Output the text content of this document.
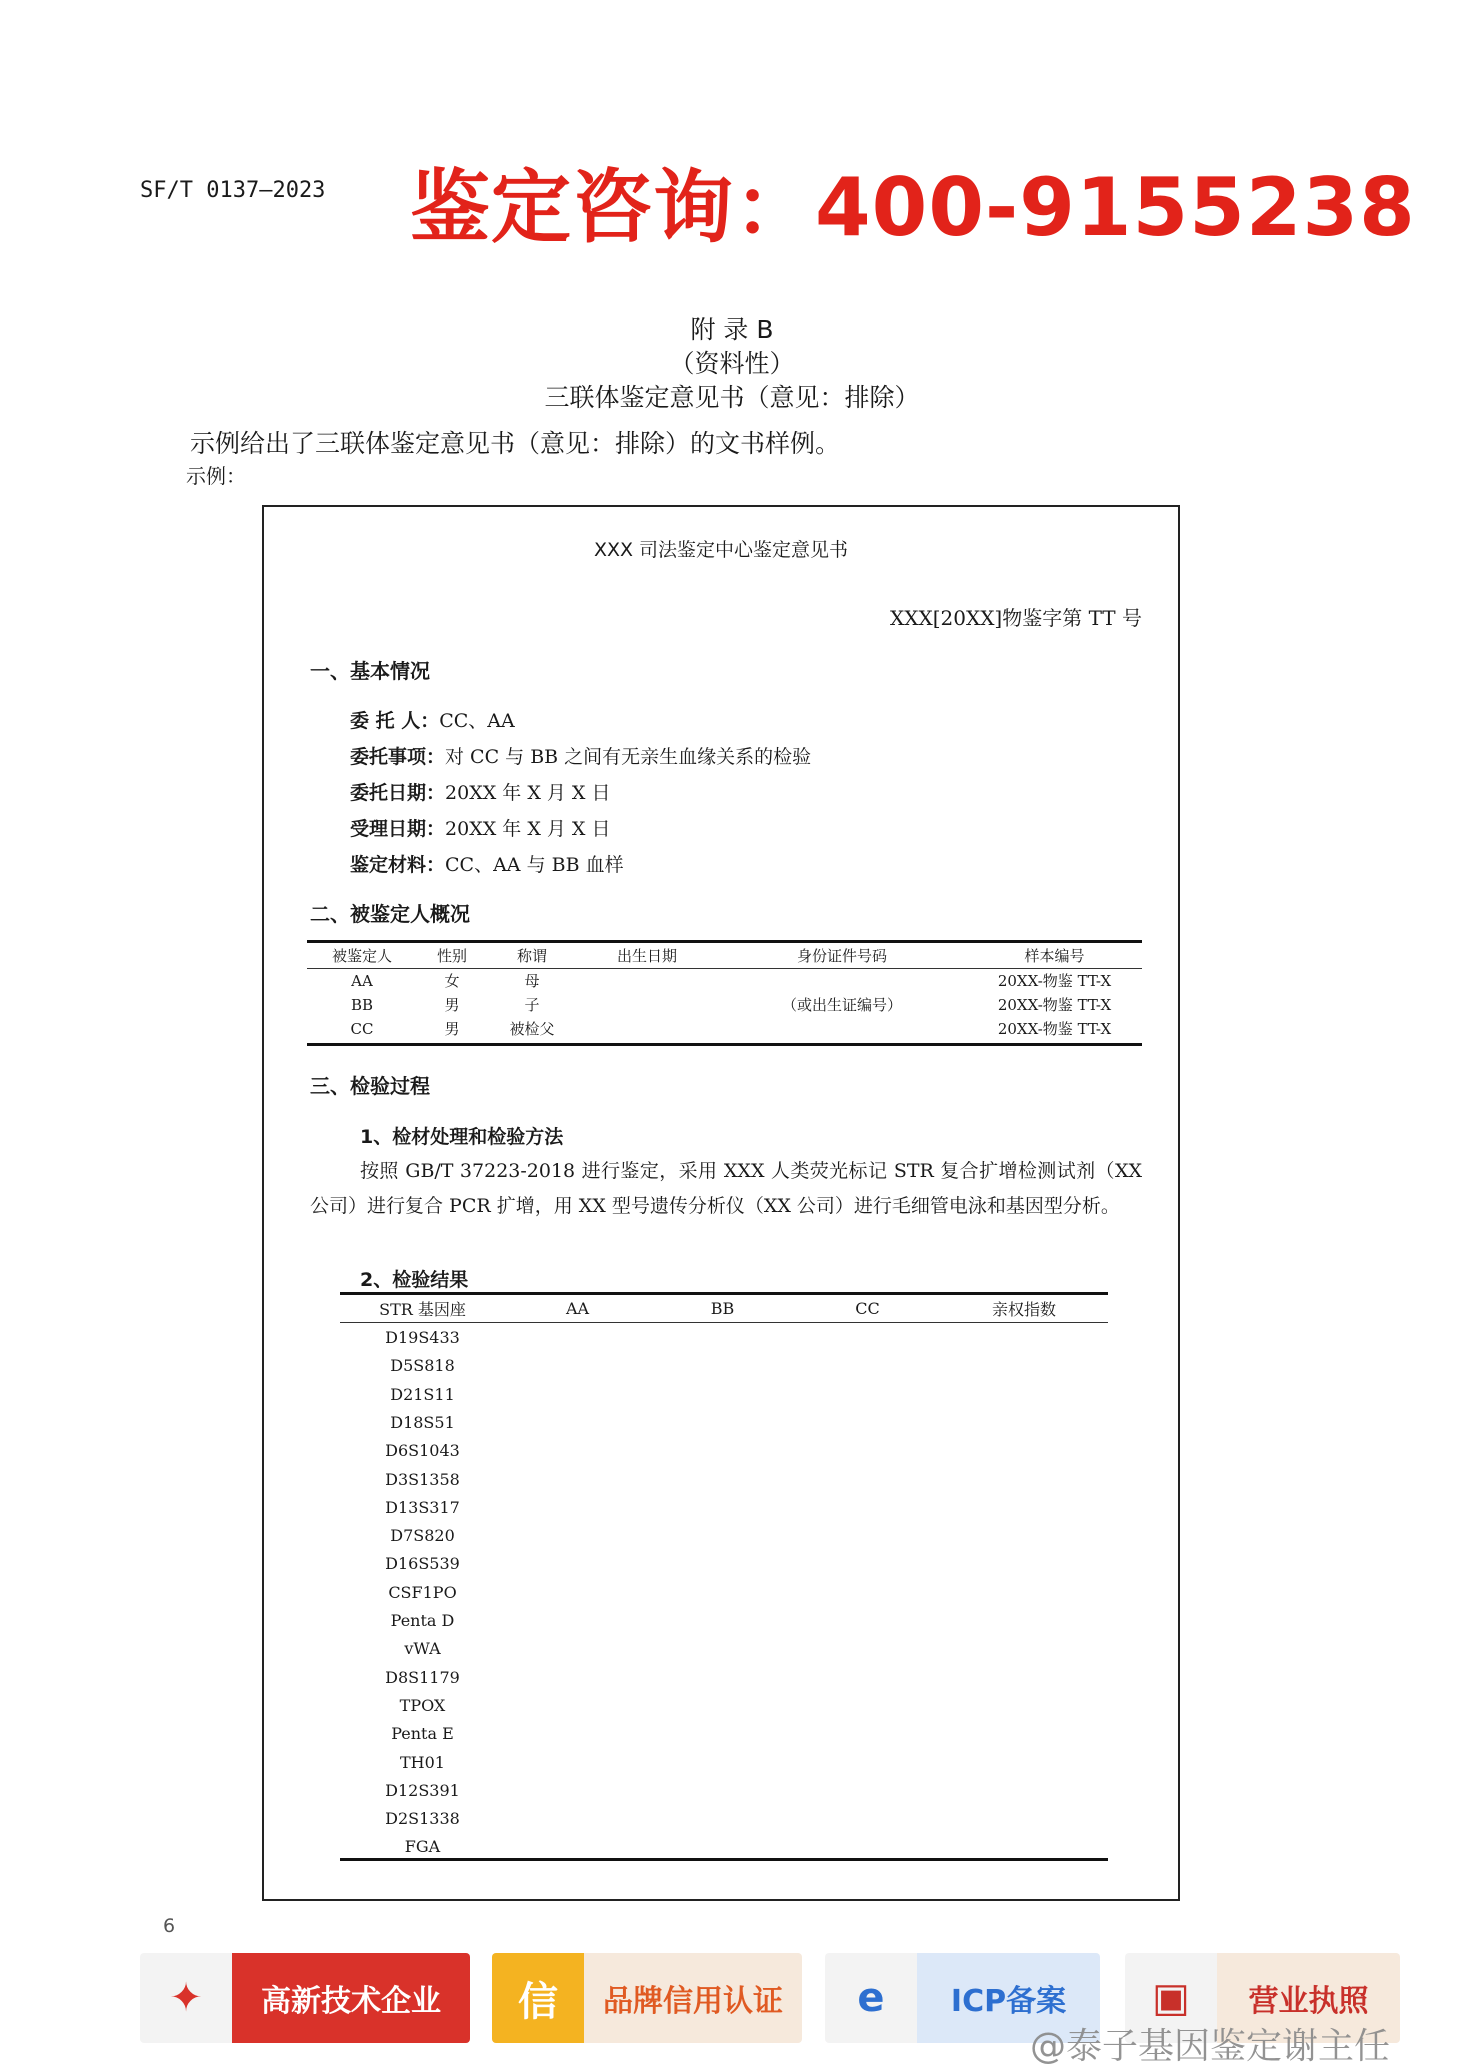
SF/T 0137—2023 鉴定咨询：400-9155238
附 录 B
（资料性）
三联体鉴定意见书（意见：排除）
示例给出了三联体鉴定意见书（意见：排除）的文书样例。
示例：
XXX 司法鉴定中心鉴定意见书
XXX[20XX]物鉴字第 TT 号
一、基本情况
委 托 人：CC、AA
委托事项：对 CC 与 BB 之间有无亲生血缘关系的检验
委托日期：20XX 年 X 月 X 日
受理日期：20XX 年 X 月 X 日
鉴定材料：CC、AA 与 BB 血样
二、被鉴定人概况
被鉴定人	性别	称谓	出生日期	身份证件号码	样本编号
AA	女	母			20XX-物鉴 TT-X
BB	男	子		（或出生证编号）	20XX-物鉴 TT-X
CC	男	被检父			20XX-物鉴 TT-X
三、检验过程
1、检材处理和检验方法
按照 GB/T 37223-2018 进行鉴定，采用 XXX 人类荧光标记 STR 复合扩增检测试剂（XX 公司）进行复合 PCR 扩增，用 XX 型号遗传分析仪（XX 公司）进行毛细管电泳和基因型分析。
2、检验结果
STR 基因座	AA	BB	CC	亲权指数
D19S433
D5S818
D21S11
D18S51
D6S1043
D3S1358
D13S317
D7S820
D16S539
CSF1PO
Penta D
vWA
D8S1179
TPOX
Penta E
TH01
D12S391
D2S1338
FGA
6
✦	高新技术企业	信	品牌信用认证	e	ICP备案	▣	营业执照
@泰子基因鉴定谢主任
